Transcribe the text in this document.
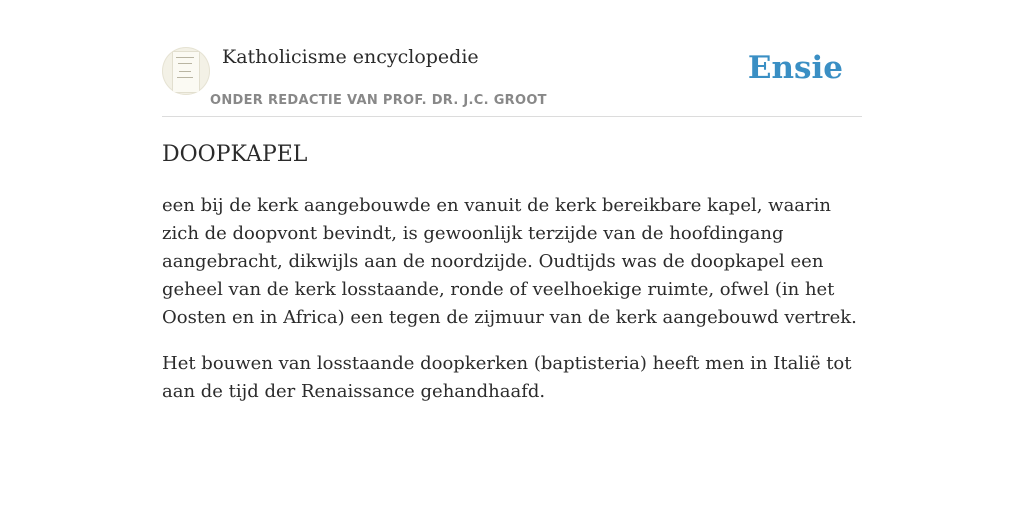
Katholicisme encyclopedie
ONDER REDACTIE VAN PROF. DR. J.C. GROOT
Ensie
DOOPKAPEL

een bij de kerk aangebouwde en vanuit de kerk bereikbare kapel, waarin zich de doopvont bevindt, is gewoonlijk terzijde van de hoofdingang aangebracht, dikwijls aan de noordzijde. Oudtijds was de doopkapel een geheel van de kerk losstaande, ronde of veelhoekige ruimte, ofwel (in het Oosten en in Africa) een tegen de zijmuur van de kerk aangebouwd vertrek.

Het bouwen van losstaande doopkerken (baptisteria) heeft men in Italië tot aan de tijd der Renaissance gehandhaafd.
